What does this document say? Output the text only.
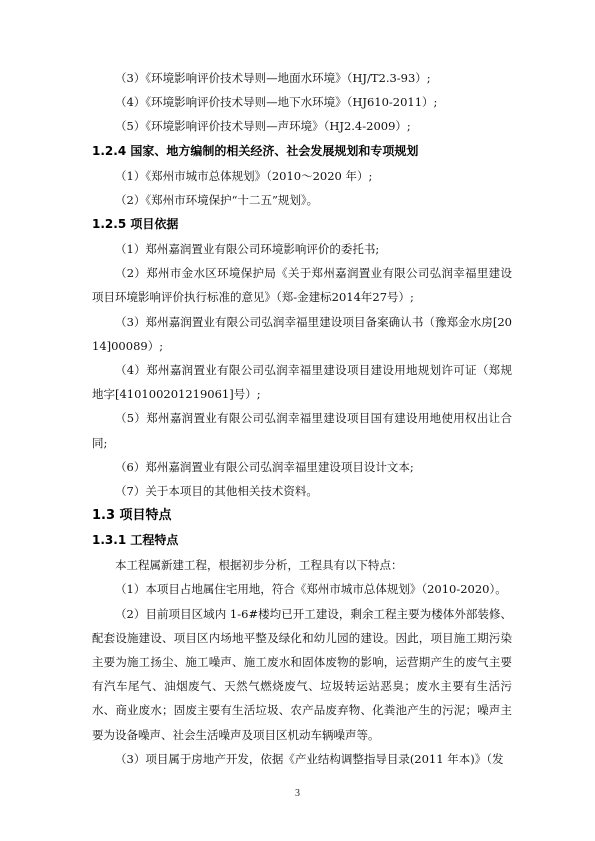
（3）《环境影响评价技术导则—地面水环境》（HJ/T2.3-93）;

（4）《环境影响评价技术导则—地下水环境》（HJ610-2011）;

（5）《环境影响评价技术导则—声环境》（HJ2.4-2009）;

1.2.4 国家、地方编制的相关经济、社会发展规划和专项规划

（1）《郑州市城市总体规划》（2010～2020 年）;

（2）《郑州市环境保护“十二五”规划》。

1.2.5 项目依据

（1）郑州嘉润置业有限公司环境影响评价的委托书;

（2）郑州市金水区环境保护局《关于郑州嘉润置业有限公司弘润幸福里建设项目环境影响评价执行标准的意见》（郑-金建标2014年27号）;

（3）郑州嘉润置业有限公司弘润幸福里建设项目备案确认书（豫郑金水房[2014]00089）;

（4）郑州嘉润置业有限公司弘润幸福里建设项目建设用地规划许可证（郑规地字[410100201219061]号）;

（5）郑州嘉润置业有限公司弘润幸福里建设项目国有建设用地使用权出让合同;

（6）郑州嘉润置业有限公司弘润幸福里建设项目设计文本;

（7）关于本项目的其他相关技术资料。

1.3 项目特点

1.3.1 工程特点

本工程属新建工程，根据初步分析，工程具有以下特点：

（1）本项目占地属住宅用地，符合《郑州市城市总体规划》（2010-2020）。

（2）目前项目区域内 1-6#楼均已开工建设，剩余工程主要为楼体外部装修、配套设施建设、项目区内场地平整及绿化和幼儿园的建设。因此，项目施工期污染主要为施工扬尘、施工噪声、施工废水和固体废物的影响，运营期产生的废气主要有汽车尾气、油烟废气、天然气燃烧废气、垃圾转运站恶臭；废水主要有生活污水、商业废水；固废主要有生活垃圾、农产品废弃物、化粪池产生的污泥；噪声主要为设备噪声、社会生活噪声及项目区机动车辆噪声等。

（3）项目属于房地产开发，依据《产业结构调整指导目录(2011 年本)》（发

3
